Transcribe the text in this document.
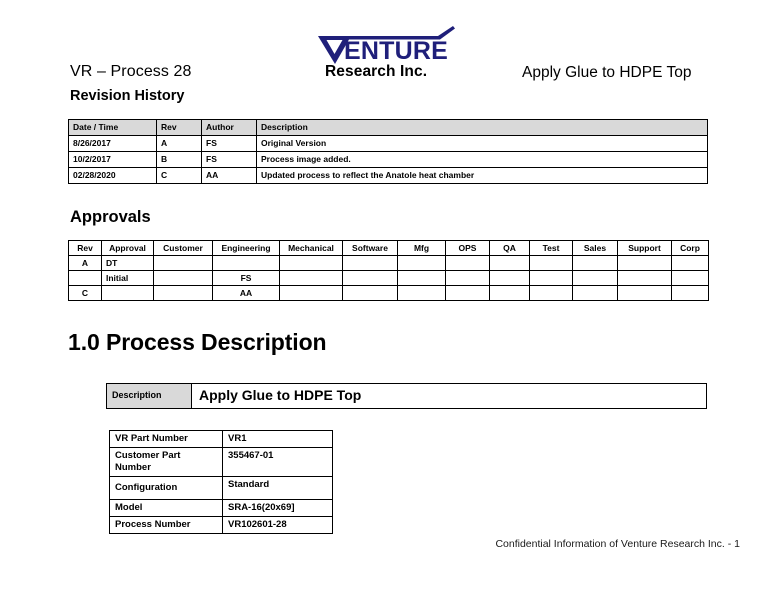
VR – Process 28
Revision History
Apply Glue to HDPE Top
ENTURE
Research Inc.
Date / Time	Rev	Author	Description
8/26/2017	A	FS	Original Version
10/2/2017	B	FS	Process image added.
02/28/2020	C	AA	Updated process to reflect the Anatole heat chamber
Approvals
Rev	Approval	Customer	Engineering	Mechanical	Software	Mfg	OPS	QA	Test	Sales	Support	Corp
A	DT											
	Initial		FS									
C			AA									
1.0 Process Description
Description	Apply Glue to HDPE Top
VR Part Number	VR1
Customer Part Number	355467-01
Configuration	Standard
Model	SRA-16(20x69]
Process Number	VR102601-28
Confidential Information of Venture Research Inc. - 1
